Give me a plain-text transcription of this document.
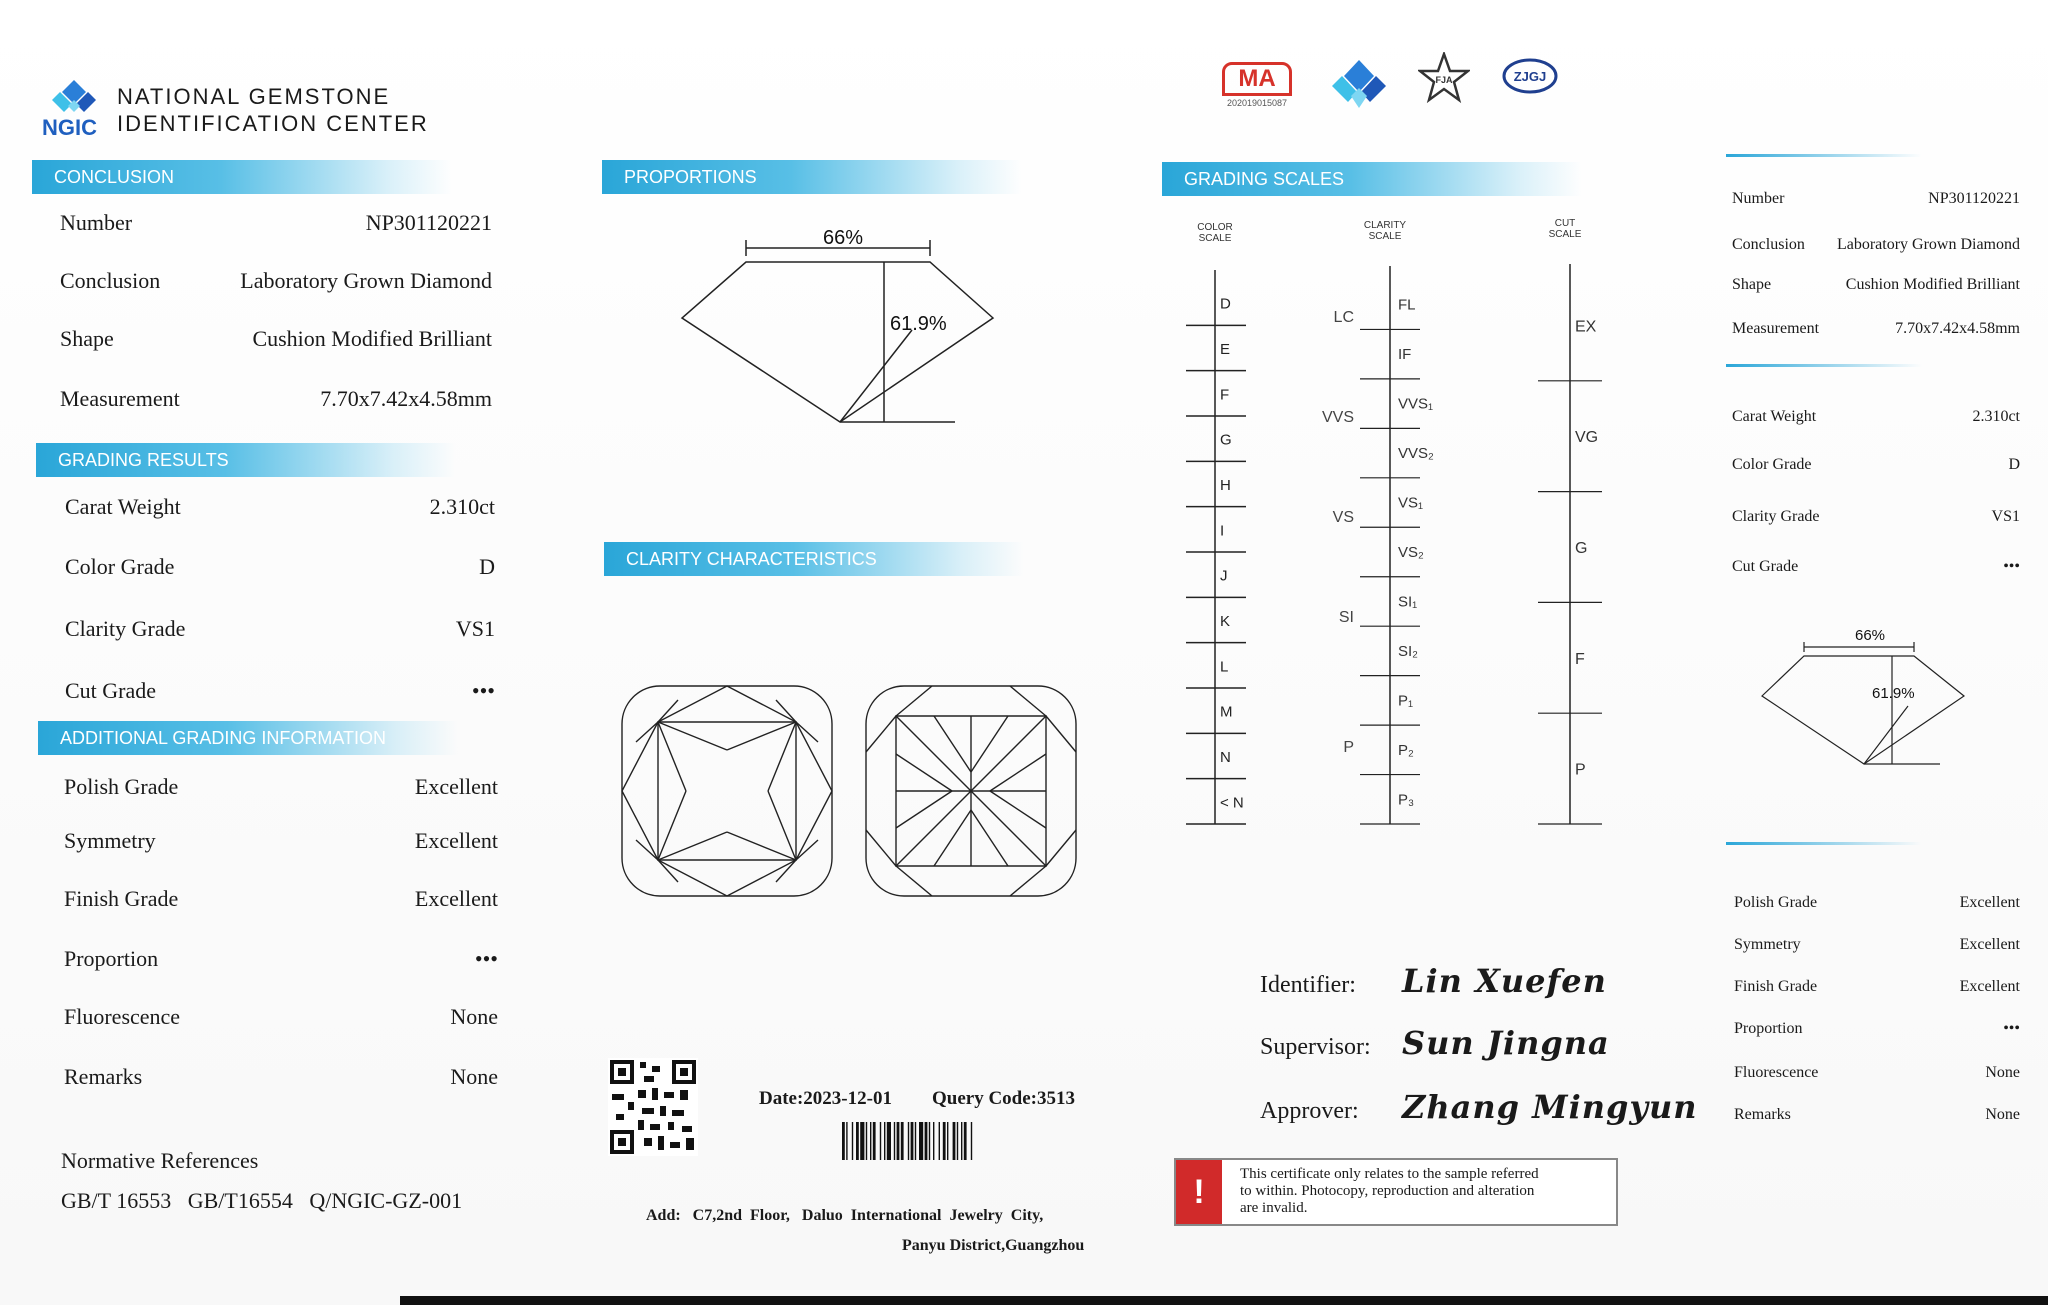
NGIC
NATIONAL GEMSTONE
IDENTIFICATION CENTER
MA
202019015087
FJA	ZJGJ
CONCLUSION
Number	NP301120221
Conclusion	Laboratory Grown Diamond
Shape	Cushion Modified Brilliant
Measurement	7.70x7.42x4.58mm
GRADING RESULTS
Carat Weight	2.310ct
Color Grade	D
Clarity Grade	VS1
Cut Grade	•••
ADDITIONAL GRADING INFORMATION
Polish Grade	Excellent
Symmetry	Excellent
Finish Grade	Excellent
Proportion	•••
Fluorescence	None
Remarks	None
Normative References
GB/T 16553   GB/T16554   Q/NGIC-GZ-001
PROPORTIONS
66%
61.9%
CLARITY CHARACTERISTICS
Date:2023-12-01 Query Code:3513
Add:   C7,2nd  Floor,   Daluo  International  Jewelry  City,
Panyu District,Guangzhou
GRADING SCALES
COLOR
SCALE
CLARITY
SCALE
CUT
SCALE
D
E
F
G
H
I
J
K
L
M
N
< N
FL
IF
VVS₁
VVS₂
VS₁
VS₂
SI₁
SI₂
P₁
P₂
P₃
LC
VVS
VS
SI
P
EX
VG
G
F
P
Identifier: Lin Xuefen
Supervisor: Sun Jingna
Approver: Zhang Mingyun
!	This certificate only relates to the sample referred
to within. Photocopy, reproduction and alteration
are invalid.
Number	NP301120221
Conclusion Laboratory Grown Diamond
Shape	Cushion Modified Brilliant
Measurement	7.70x7.42x4.58mm
Carat Weight	2.310ct
Color Grade	D
Clarity Grade	VS1
Cut Grade	•••
66%
61.9%
Polish Grade	Excellent
Symmetry	Excellent
Finish Grade	Excellent
Proportion	•••
Fluorescence	None
Remarks	None
